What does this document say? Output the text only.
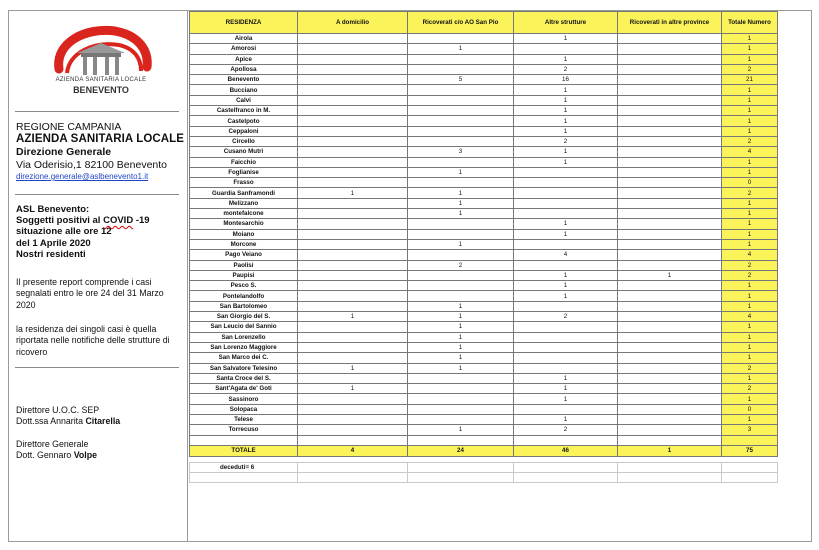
AZIENDA SANITARIA LOCALE
BENEVENTO
REGIONE CAMPANIA
AZIENDA SANITARIA LOCALE
Direzione Generale
Via Oderisio,1 82100 Benevento
direzione.generale@aslbenevento1.it
ASL Benevento:
Soggetti positivi al COVID -19
situazione alle ore 12
del 1 Aprile 2020
Nostri residenti
Il presente report comprende i casi segnalati entro le ore 24 del 31 Marzo 2020
la residenza dei singoli casi è quella riportata nelle notifiche delle strutture di ricovero
Direttore U.O.C. SEP
Dott.ssa Annarita Citarella
Direttore Generale
Dott. Gennaro Volpe
RESIDENZA	A domicilio	Ricoverati c/o AO San Pio	Altre strutture	Ricoverati in altre province	Totale Numero
Airola			1		1
Amorosi		1			1
Apice			1		1
Apollosa			2		2
Benevento		5	16		21
Bucciano			1		1
Calvi			1		1
Castelfranco in M.			1		1
Castelpoto			1		1
Ceppaloni			1		1
Circello			2		2
Cusano Mutri		3	1		4
Faicchio			1		1
Foglianise		1			1
Frasso					0
Guardia Sanframondi	1	1			2
Melizzano		1			1
montefalcone		1			1
Montesarchio			1		1
Moiano			1		1
Morcone		1			1
Pago Veiano			4		4
Paolisi		2			2
Paupisi			1	1	2
Pesco S.			1		1
Pontelandolfo			1		1
San Bartolomeo		1			1
San Giorgio del S.	1	1	2		4
San Leucio del Sannio		1			1
San Lorenzello		1			1
San Lorenzo Maggiore		1			1
San Marco dei C.		1			1
San Salvatore Telesino	1	1			2
Santa Croce del S.			1		1
Sant'Agata de' Goti	1		1		2
Sassinoro			1		1
Solopaca					0
Telese			1		1
Torrecuso		1	2		3

TOTALE	4	24	46	1	75

deceduti= 6					
